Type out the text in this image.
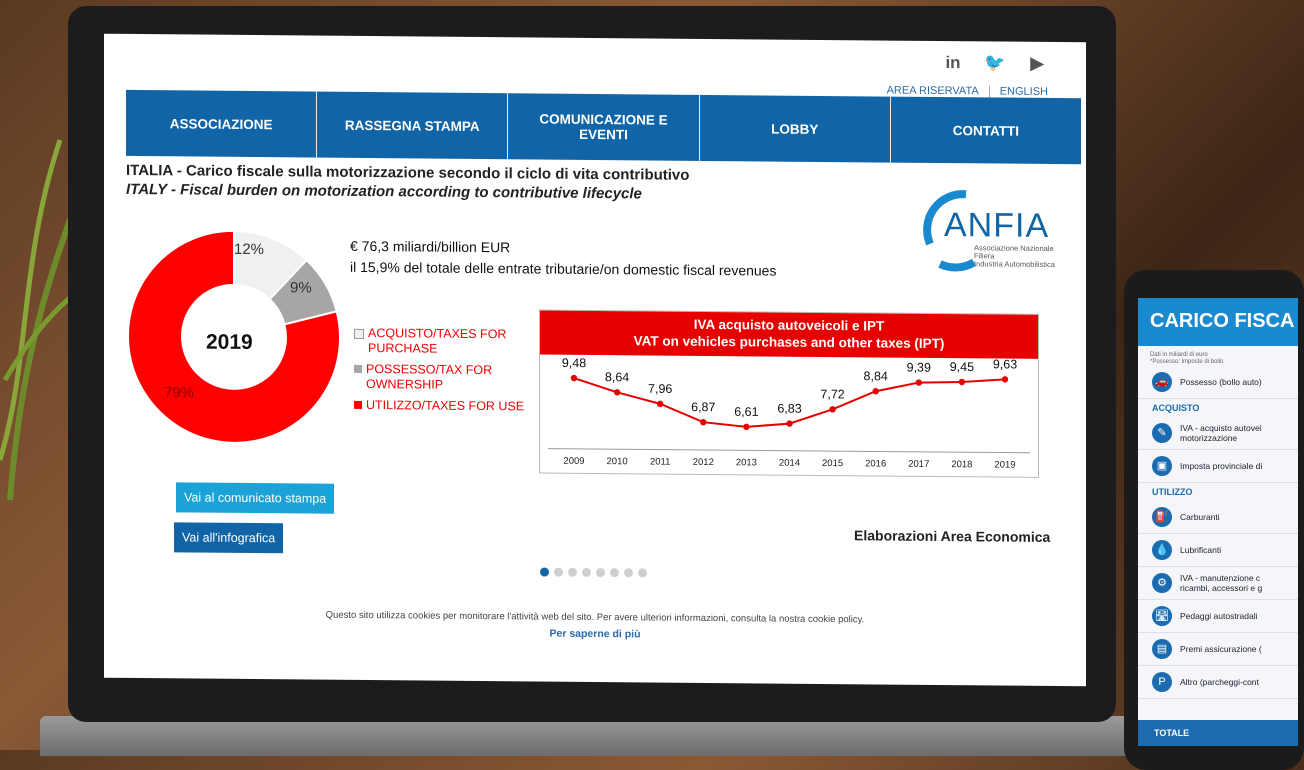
in 🐦 ▶
AREA RISERVATA ENGLISH
ASSOCIAZIONE	RASSEGNA STAMPA	COMUNICAZIONE E EVENTI	LOBBY	CONTATTI
ITALIA - Carico fiscale sulla motorizzazione secondo il ciclo di vita contributivo
ITALY - Fiscal burden on motorization according to contributive lifecycle
ANFIA
Associazione Nazionale
Filiera
Industria Automobilistica
2019
12%
9%
79%
€ 76,3 miliardi/billion EUR
il 15,9% del totale delle entrate tributarie/on domestic fiscal revenues
ACQUISTO/TAXES FOR PURCHASE
POSSESSO/TAX FOR OWNERSHIP
UTILIZZO/TAXES FOR USE
IVA acquisto autoveicoli e IPT
VAT on vehicles purchases and other taxes (IPT)
9,48
2009
8,64
2010
7,96
2011
6,87
2012
6,61
2013
6,83
2014
7,72
2015
8,84
2016
9,39
2017
9,45
2018
9,63
2019
Vai al comunicato stampa
Vai all'infografica	Elaborazioni Area Economica
Questo sito utilizza cookies per monitorare l'attività web del sito. Per avere ulteriori informazioni, consulta la nostra cookie policy.
Per saperne di più
CARICO FISCA
Dati in miliardi di euro
*Possesso: imposte di bollo
🚗	Possesso (bollo auto)
ACQUISTO
✎	IVA - acquisto autovei
motorizzazione
▣	Imposta provinciale di
UTILIZZO
⛽	Carburanti
💧	Lubrificanti
⚙	IVA - manutenzione c
ricambi, accessori e g
🛣	Pedaggi autostradali
▤	Premi assicurazione (
P	Altro (parcheggi-cont
TOTALE
